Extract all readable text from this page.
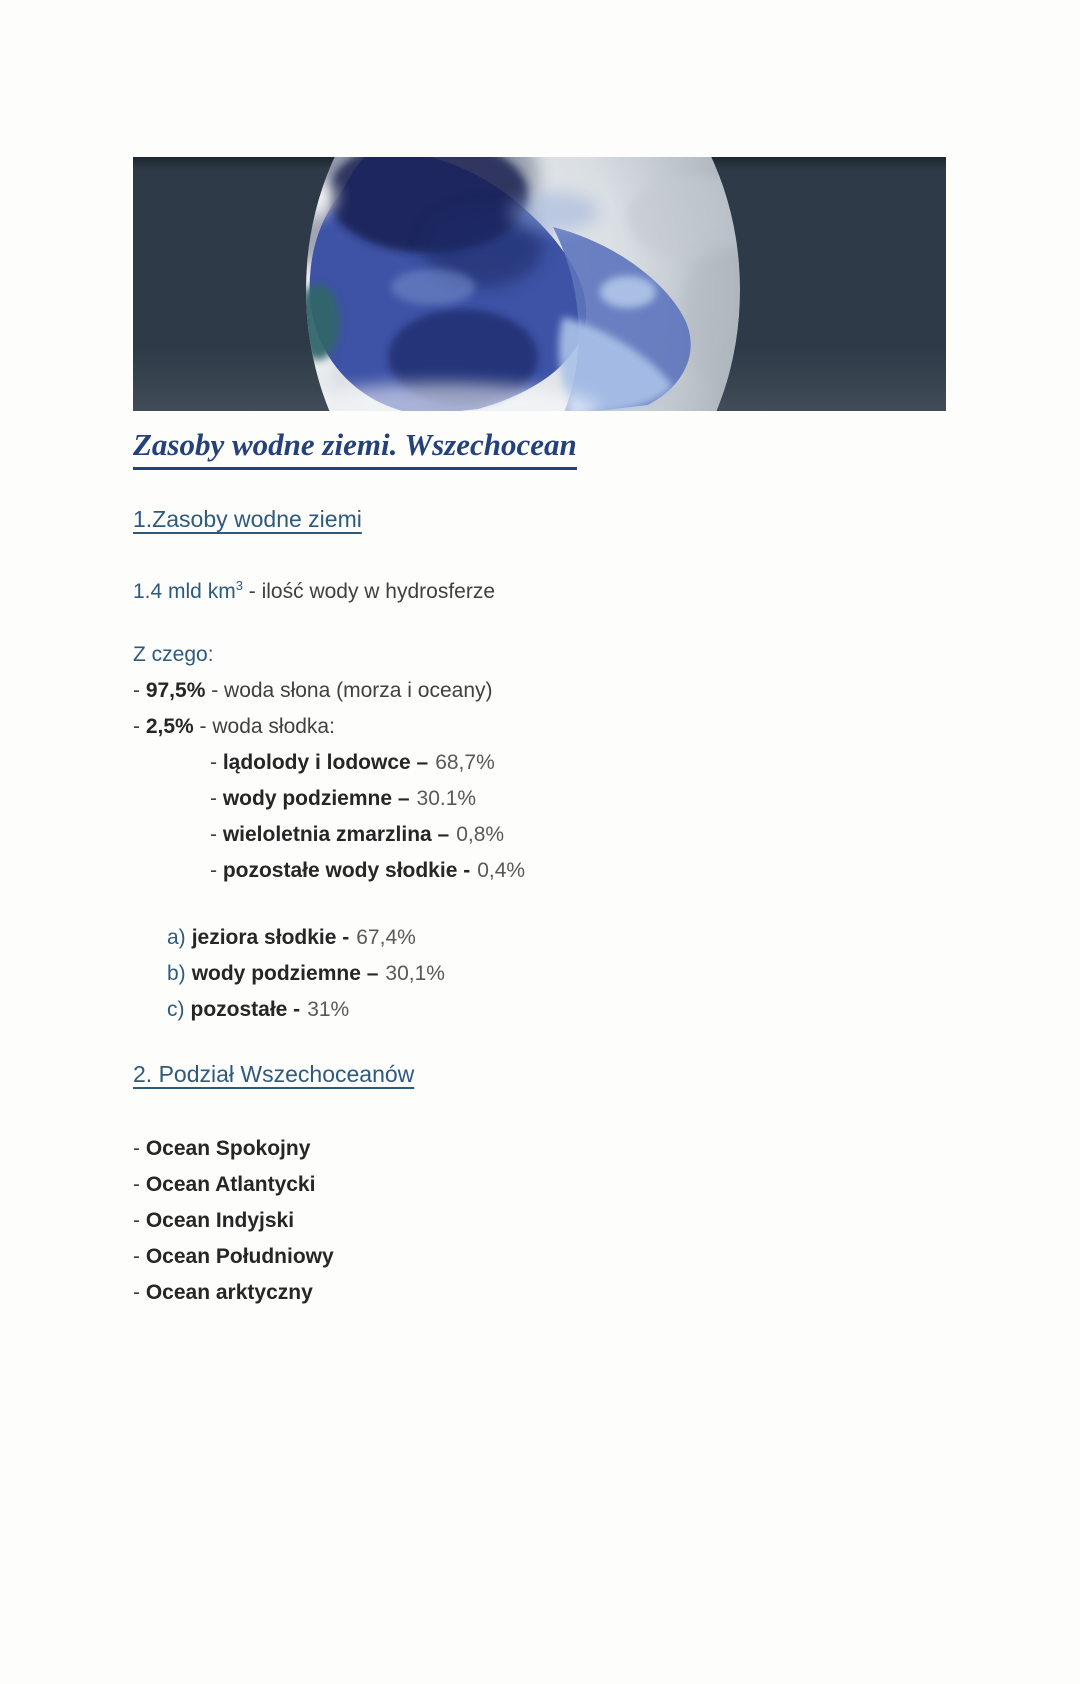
Zasoby wodne ziemi. Wszechocean
1.Zasoby wodne ziemi

1.4 mld $km^3$ - ilość wody w hydrosferze

Z czego:
- 97,5% - woda słona (morza i oceany)
- 2,5% - woda słodka:
- lądolody i lodowce – 68,7%
- wody podziemne – 30.1%
- wieloletnia zmarzlina – 0,8%
- pozostałe wody słodkie - 0,4%
a) jeziora słodkie - 67,4%
b) wody podziemne – 30,1%
c) pozostałe - 31%
2. Podział Wszechoceanów
- Ocean Spokojny
- Ocean Atlantycki
- Ocean Indyjski
- Ocean Południowy
- Ocean arktyczny
